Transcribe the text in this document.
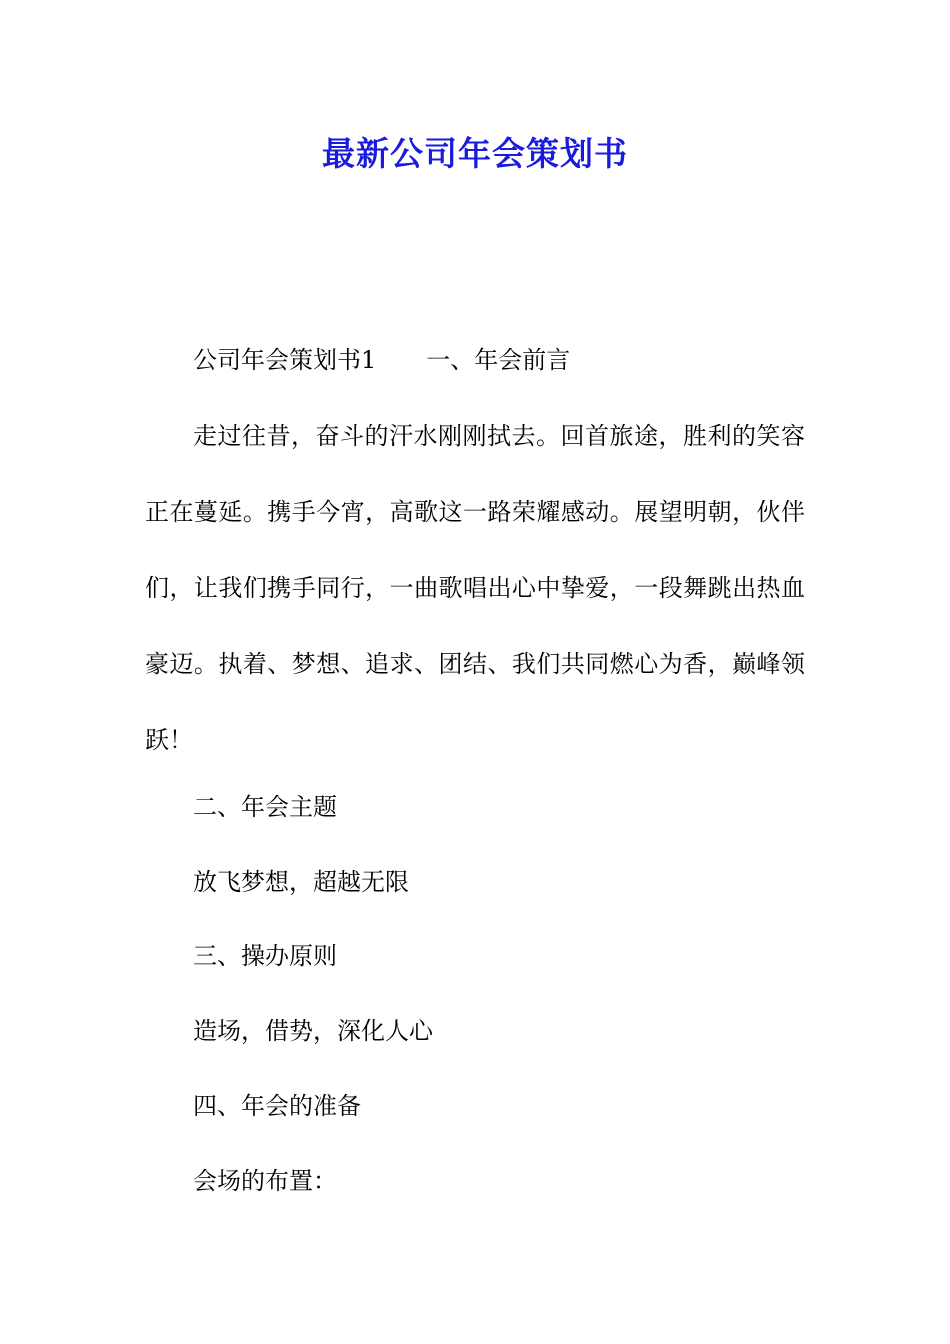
最新公司年会策划书
公司年会策划书1 一、年会前言
走过往昔，奋斗的汗水刚刚拭去。回首旅途，胜利的笑容正在蔓延。携手今宵，高歌这一路荣耀感动。展望明朝，伙伴们，让我们携手同行，一曲歌唱出心中挚爱，一段舞跳出热血豪迈。执着、梦想、追求、团结、我们共同燃心为香，巅峰领跃！
二、年会主题
放飞梦想，超越无限
三、操办原则
造场，借势，深化人心
四、年会的准备
会场的布置：
